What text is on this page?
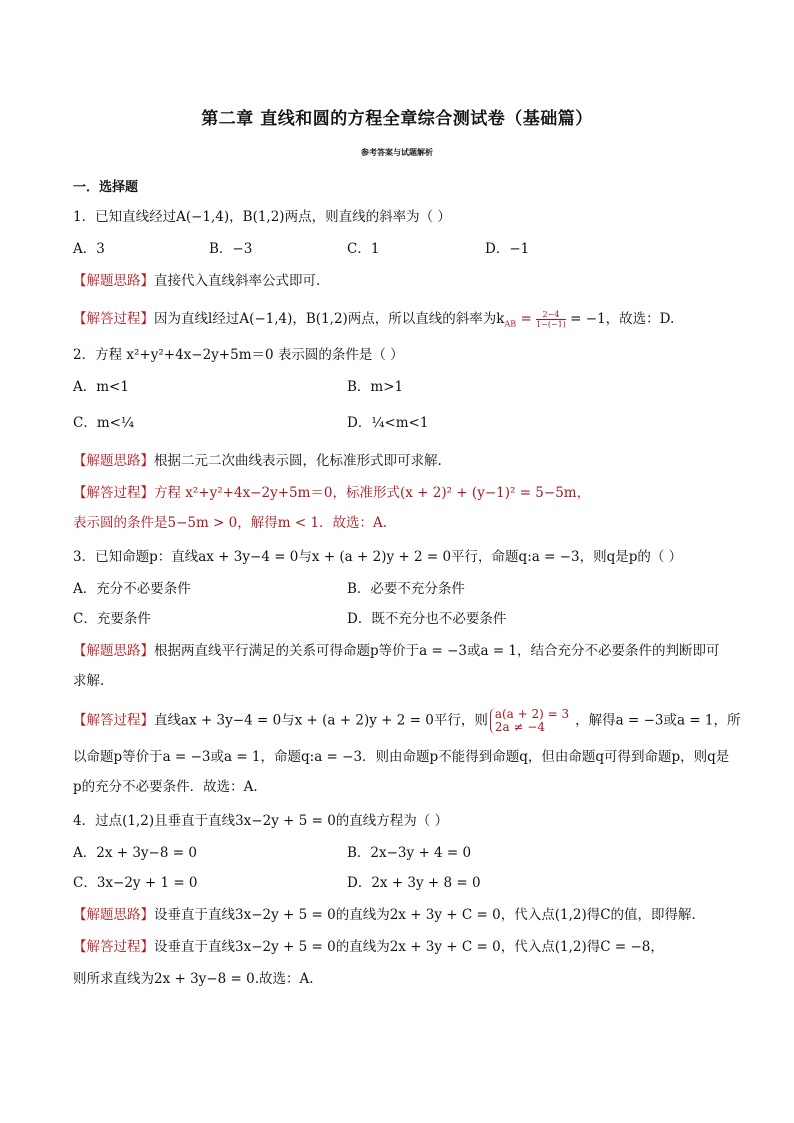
第二章 直线和圆的方程全章综合测试卷（基础篇）
参考答案与试题解析
一．选择题
1．已知直线经过A(−1,4)，B(1,2)两点，则直线的斜率为（ ）
A．3	B．−3	C．1	D．−1
【解题思路】直接代入直线斜率公式即可.
【解答过程】因为直线l经过A(−1,4)，B(1,2)两点，所以直线的斜率为$k_{AB} = \frac{2-4}{1-(-1)} = -1$，故选：D.
2．方程 x²+y²+4x−2y+5m＝0 表示圆的条件是（ ）
A．m<1	B．m>1
C．m<¼	D．¼<m<1
【解题思路】根据二元二次曲线表示圆，化标准形式即可求解.
【解答过程】方程 x²+y²+4x−2y+5m＝0，标准形式(x + 2)² + (y−1)² = 5−5m，
表示圆的条件是5−5m > 0，解得m < 1．故选：A.
3．已知命题p：直线ax + 3y−4 = 0与x + (a + 2)y + 2 = 0平行，命题q:a = −3，则q是p的（ ）
A．充分不必要条件	B．必要不充分条件
C．充要条件	D．既不充分也不必要条件
【解题思路】根据两直线平行满足的关系可得命题p等价于a = −3或a = 1，结合充分不必要条件的判断即可
求解.
【解答过程】直线ax + 3y−4 = 0与x + (a + 2)y + 2 = 0平行，则 a(a + 2) = 3
2a ≠ −4	，解得a = −3或a = 1，所
以命题p等价于a = −3或a = 1，命题q:a = −3．则由命题p不能得到命题q，但由命题q可得到命题p，则q是
p的充分不必要条件．故选：A.
4．过点(1,2)且垂直于直线3x−2y + 5 = 0的直线方程为（ ）
A．2x + 3y−8 = 0	B．2x−3y + 4 = 0
C．3x−2y + 1 = 0	D．2x + 3y + 8 = 0
【解题思路】设垂直于直线3x−2y + 5 = 0的直线为2x + 3y + C = 0，代入点(1,2)得C的值，即得解.
【解答过程】设垂直于直线3x−2y + 5 = 0的直线为2x + 3y + C = 0，代入点(1,2)得C = −8，
则所求直线为2x + 3y−8 = 0.故选：A.
